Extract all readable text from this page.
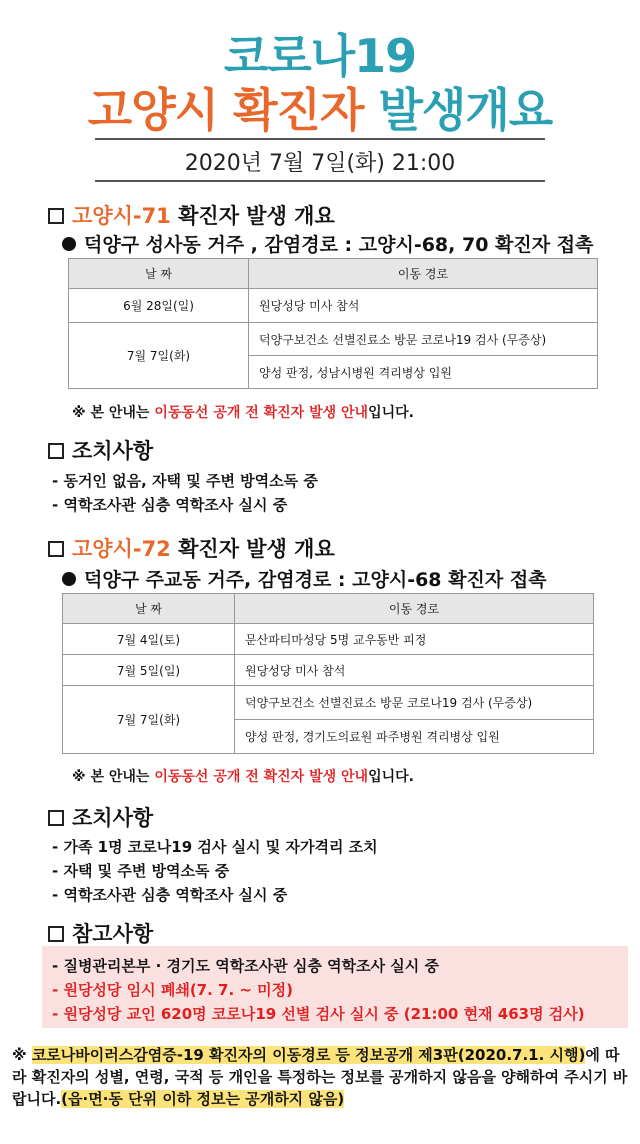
코로나19
고양시 확진자 발생개요
2020년 7월 7일(화) 21:00
고양시-71 확진자 발생 개요
덕양구 성사동 거주 , 감염경로 : 고양시-68, 70 확진자 접촉
날 짜	이동 경로
6월 28일(일)	원당성당 미사 참석
7월 7일(화)	덕양구보건소 선별진료소 방문 코로나19 검사 (무증상)
	양성 판정, 성남시병원 격리병상 입원
※ 본 안내는 이동동선 공개 전 확진자 발생 안내입니다.
조치사항
- 동거인 없음, 자택 및 주변 방역소독 중
- 역학조사관 심층 역학조사 실시 중
고양시-72 확진자 발생 개요
덕양구 주교동 거주, 감염경로 : 고양시-68 확진자 접촉
날 짜	이동 경로
7월 4일(토)	문산파티마성당 5명 교우동반 피정
7월 5일(일)	원당성당 미사 참석
7월 7일(화)	덕양구보건소 선별진료소 방문 코로나19 검사 (무증상)
	양성 판정, 경기도의료원 파주병원 격리병상 입원
※ 본 안내는 이동동선 공개 전 확진자 발생 안내입니다.
조치사항
- 가족 1명 코로나19 검사 실시 및 자가격리 조치
- 자택 및 주변 방역소독 중
- 역학조사관 심층 역학조사 실시 중
참고사항
- 질병관리본부 · 경기도 역학조사관 심층 역학조사 실시 중
- 원당성당 임시 폐쇄(7. 7. ~ 미정)
- 원당성당 교인 620명 코로나19 선별 검사 실시 중 (21:00 현재 463명 검사)
※ 코로나바이러스감염증-19 확진자의 이동경로 등 정보공개 제3판(2020.7.1. 시행)에 따라 확진자의 성별, 연령, 국적 등 개인을 특정하는 정보를 공개하지 않음을 양해하여 주시기 바랍니다.(읍·면·동 단위 이하 정보는 공개하지 않음)
